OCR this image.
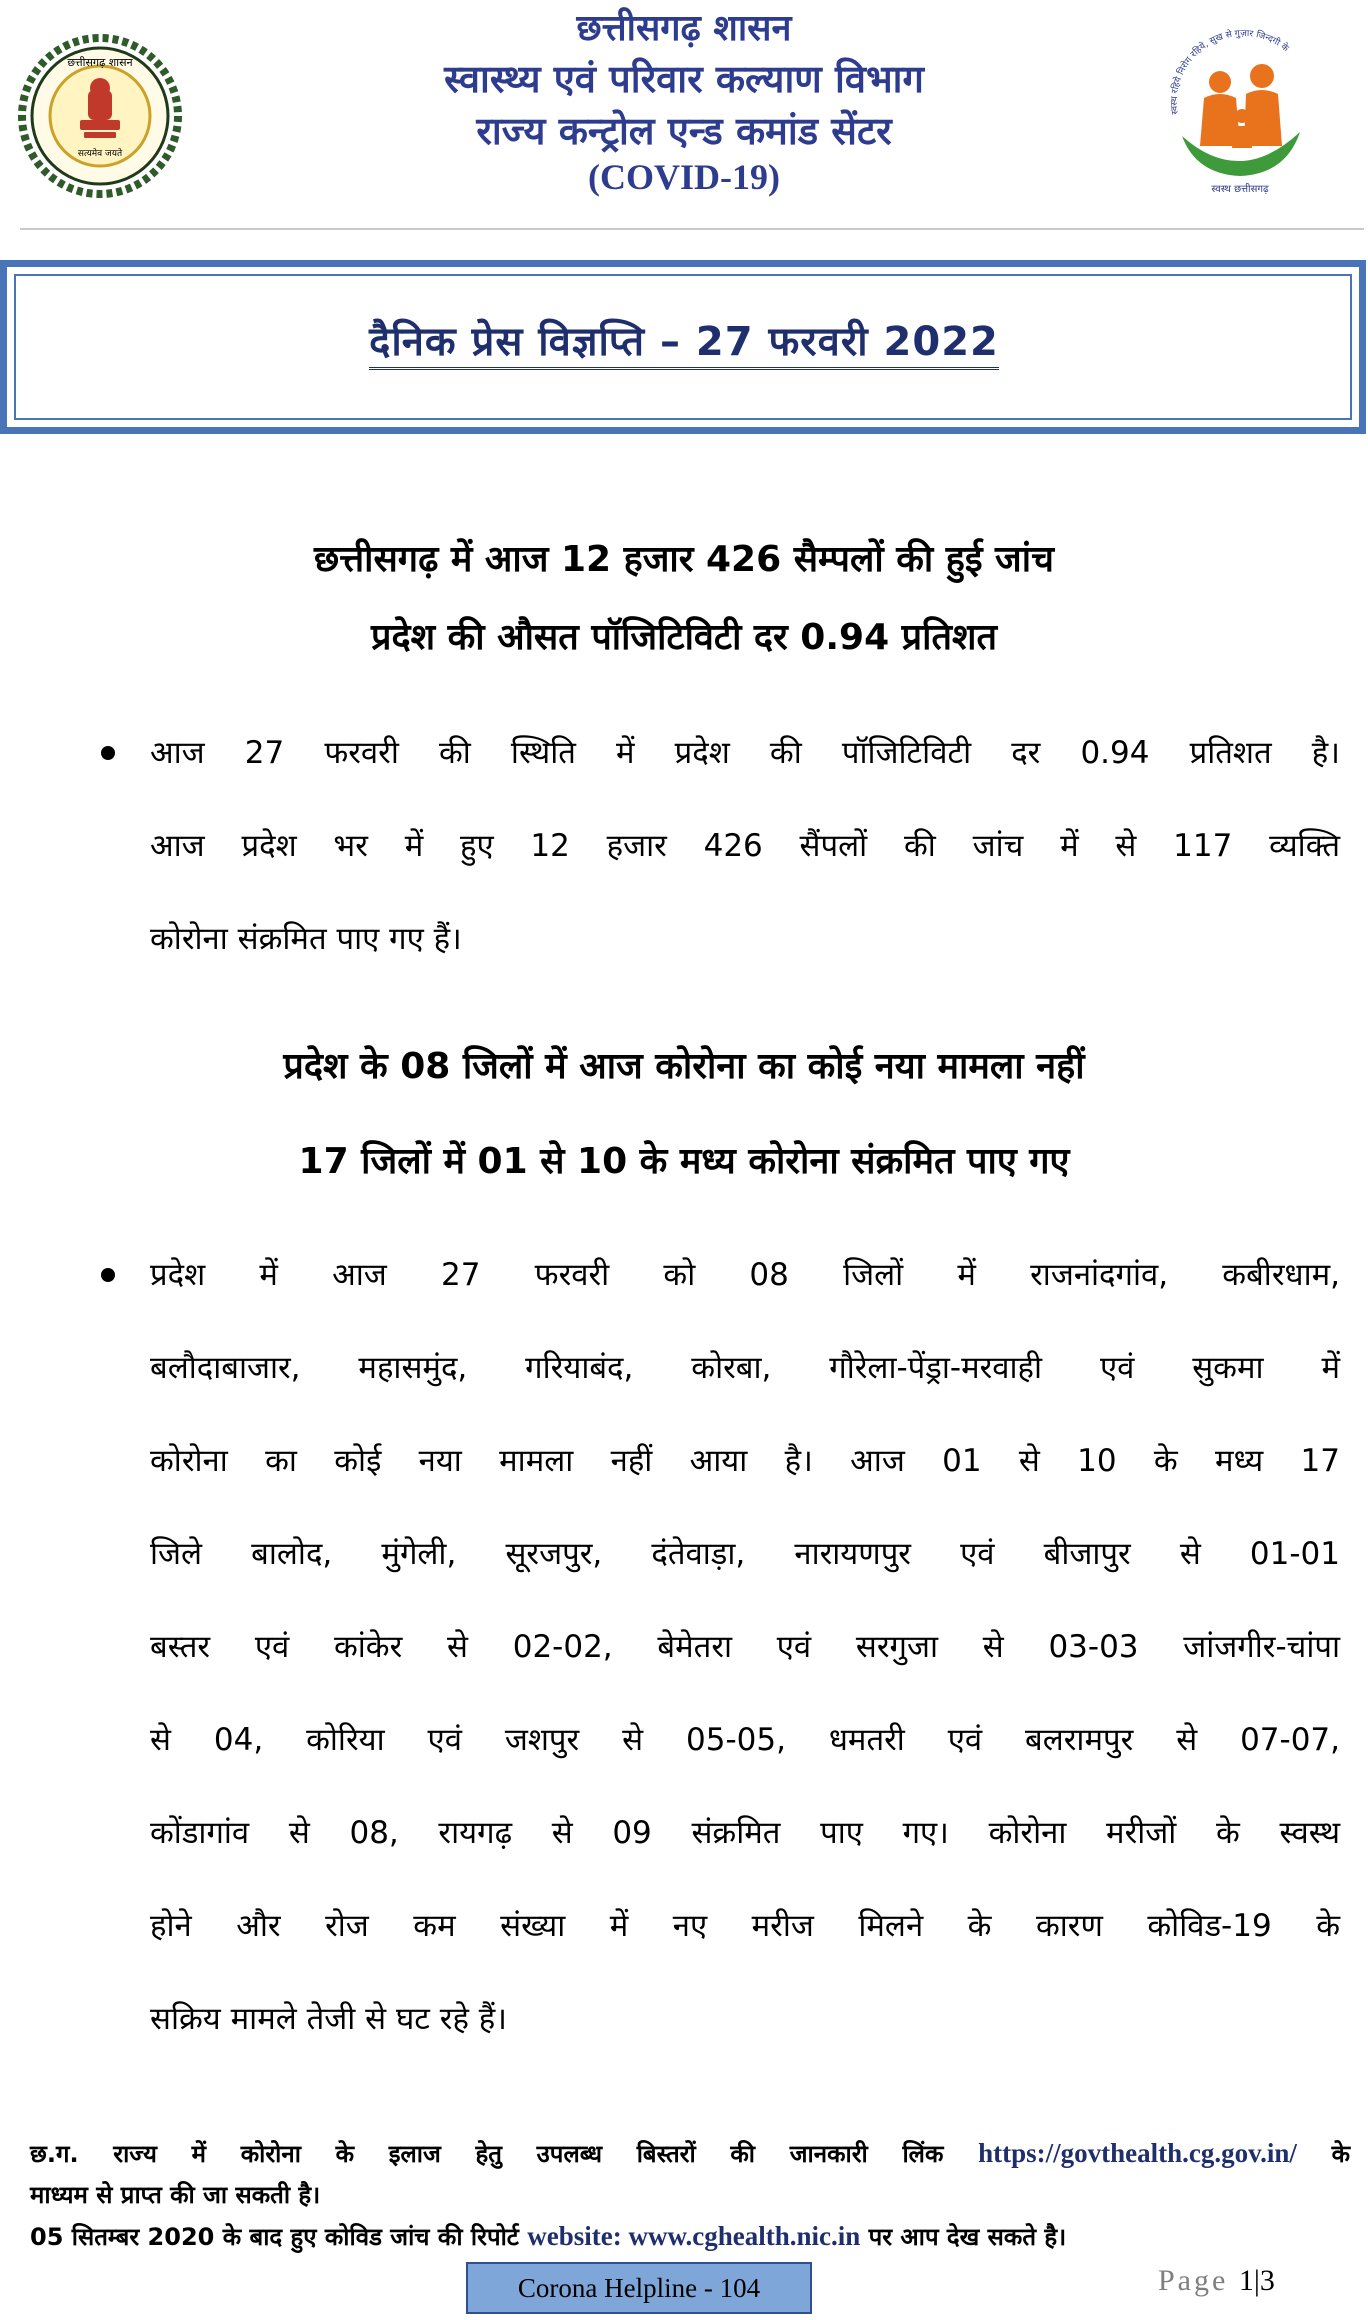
छत्तीसगढ़ शासन
स्वास्थ्य एवं परिवार कल्याण विभाग
राज्य कन्ट्रोल एन्ड कमांड सेंटर
(COVID-19)
छत्तीसगढ़ शासन
सत्यमेव जयते
स्वस्थ रहिये निरोग रहिये, सुख से गुज़ार जिन्दगी के
स्वस्थ छत्तीसगढ़
दैनिक प्रेस विज्ञप्ति – 27 फरवरी 2022
छत्तीसगढ़ में आज 12 हजार 426 सैम्पलों की हुई जांच
प्रदेश की औसत पॉजिटिविटी दर 0.94 प्रतिशत
आज 27 फरवरी की स्थिति में प्रदेश की पॉजिटिविटी दर 0.94 प्रतिशत है।
आज प्रदेश भर में हुए 12 हजार 426 सैंपलों की जांच में से 117 व्यक्ति
कोरोना संक्रमित पाए गए हैं।
प्रदेश के 08 जिलों में आज कोरोना का कोई नया मामला नहीं
17 जिलों में 01 से 10 के मध्य कोरोना संक्रमित पाए गए
प्रदेश में आज 27 फरवरी को 08 जिलों में राजनांदगांव, कबीरधाम,
बलौदाबाजार, महासमुंद, गरियाबंद, कोरबा, गौरेला-पेंड्रा-मरवाही एवं सुकमा में
कोरोना का कोई नया मामला नहीं आया है। आज 01 से 10 के मध्य 17
जिले बालोद, मुंगेली, सूरजपुर, दंतेवाड़ा, नारायणपुर एवं बीजापुर से 01-01
बस्तर एवं कांकेर से 02-02, बेमेतरा एवं सरगुजा से 03-03 जांजगीर-चांपा
से 04, कोरिया एवं जशपुर से 05-05, धमतरी एवं बलरामपुर से 07-07,
कोंडागांव से 08, रायगढ़ से 09 संक्रमित पाए गए। कोरोना मरीजों के स्वस्थ
होने और रोज कम संख्या में नए मरीज मिलने के कारण कोविड-19 के
सक्रिय मामले तेजी से घट रहे हैं।
छ.ग. राज्य में कोरोना के इलाज हेतु उपलब्ध बिस्तरों की जानकारी लिंक https://govthealth.cg.gov.in/ के
माध्यम से प्राप्त की जा सकती है।
05 सितम्बर 2020 के बाद हुए कोविड जांच की रिपोर्ट website: www.cghealth.nic.in पर आप देख सकते है।
Corona Helpline - 104	Page 1|3
